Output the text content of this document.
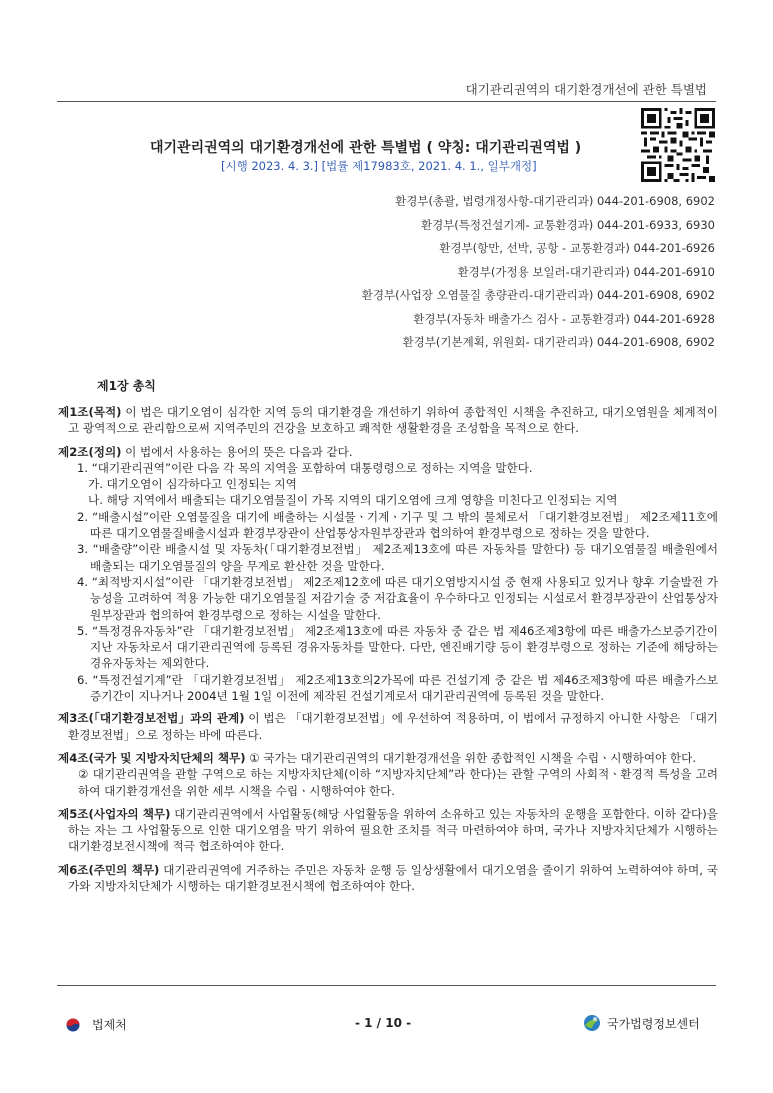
대기관리권역의 대기환경개선에 관한 특별법
대기관리권역의 대기환경개선에 관한 특별법 ( 약칭: 대기관리권역법 )
[시행 2023. 4. 3.] [법률 제17983호, 2021. 4. 1., 일부개정]
환경부(총괄, 법령개정사항-대기관리과) 044-201-6908, 6902
환경부(특정건설기계- 교통환경과) 044-201-6933, 6930
환경부(항만, 선박, 공항 - 교통환경과) 044-201-6926
환경부(가정용 보일러-대기관리과) 044-201-6910
환경부(사업장 오염물질 총량관리-대기관리과) 044-201-6908, 6902
환경부(자동차 배출가스 검사 - 교통환경과) 044-201-6928
환경부(기본계획, 위원회- 대기관리과) 044-201-6908, 6902
제1장 총칙

제1조(목적) 이 법은 대기오염이 심각한 지역 등의 대기환경을 개선하기 위하여 종합적인 시책을 추진하고, 대기오염원을 체계적이고 광역적으로 관리함으로써 지역주민의 건강을 보호하고 쾌적한 생활환경을 조성함을 목적으로 한다.

제2조(정의) 이 법에서 사용하는 용어의 뜻은 다음과 같다.

1. “대기관리권역”이란 다음 각 목의 지역을 포함하여 대통령령으로 정하는 지역을 말한다.

가. 대기오염이 심각하다고 인정되는 지역

나. 해당 지역에서 배출되는 대기오염물질이 가목 지역의 대기오염에 크게 영향을 미친다고 인정되는 지역

2. “배출시설”이란 오염물질을 대기에 배출하는 시설물ㆍ기계ㆍ기구 및 그 밖의 물체로서 「대기환경보전법」 제2조제11호에 따른 대기오염물질배출시설과 환경부장관이 산업통상자원부장관과 협의하여 환경부령으로 정하는 것을 말한다.

3. “배출량”이란 배출시설 및 자동차(「대기환경보전법」 제2조제13호에 따른 자동차를 말한다) 등 대기오염물질 배출원에서 배출되는 대기오염물질의 양을 무게로 환산한 것을 말한다.

4. “최적방지시설”이란 「대기환경보전법」 제2조제12호에 따른 대기오염방지시설 중 현재 사용되고 있거나 향후 기술발전 가능성을 고려하여 적용 가능한 대기오염물질 저감기술 중 저감효율이 우수하다고 인정되는 시설로서 환경부장관이 산업통상자원부장관과 협의하여 환경부령으로 정하는 시설을 말한다.

5. “특정경유자동차”란 「대기환경보전법」 제2조제13호에 따른 자동차 중 같은 법 제46조제3항에 따른 배출가스보증기간이 지난 자동차로서 대기관리권역에 등록된 경유자동차를 말한다. 다만, 엔진배기량 등이 환경부령으로 정하는 기준에 해당하는 경유자동차는 제외한다.

6. “특정건설기계”란 「대기환경보전법」 제2조제13호의2가목에 따른 건설기계 중 같은 법 제46조제3항에 따른 배출가스보증기간이 지나거나 2004년 1월 1일 이전에 제작된 건설기계로서 대기관리권역에 등록된 것을 말한다.

제3조(「대기환경보전법」과의 관계) 이 법은 「대기환경보전법」에 우선하여 적용하며, 이 법에서 규정하지 아니한 사항은 「대기환경보전법」으로 정하는 바에 따른다.

제4조(국가 및 지방자치단체의 책무) ① 국가는 대기관리권역의 대기환경개선을 위한 종합적인 시책을 수립ㆍ시행하여야 한다.

② 대기관리권역을 관할 구역으로 하는 지방자치단체(이하 “지방자치단체”라 한다)는 관할 구역의 사회적ㆍ환경적 특성을 고려하여 대기환경개선을 위한 세부 시책을 수립ㆍ시행하여야 한다.

제5조(사업자의 책무) 대기관리권역에서 사업활동(해당 사업활동을 위하여 소유하고 있는 자동차의 운행을 포함한다. 이하 같다)을 하는 자는 그 사업활동으로 인한 대기오염을 막기 위하여 필요한 조치를 적극 마련하여야 하며, 국가나 지방자치단체가 시행하는 대기환경보전시책에 적극 협조하여야 한다.

제6조(주민의 책무) 대기관리권역에 거주하는 주민은 자동차 운행 등 일상생활에서 대기오염을 줄이기 위하여 노력하여야 하며, 국가와 지방자치단체가 시행하는 대기환경보전시책에 협조하여야 한다.

법제처	- 1 / 10 -	국가법령정보센터
